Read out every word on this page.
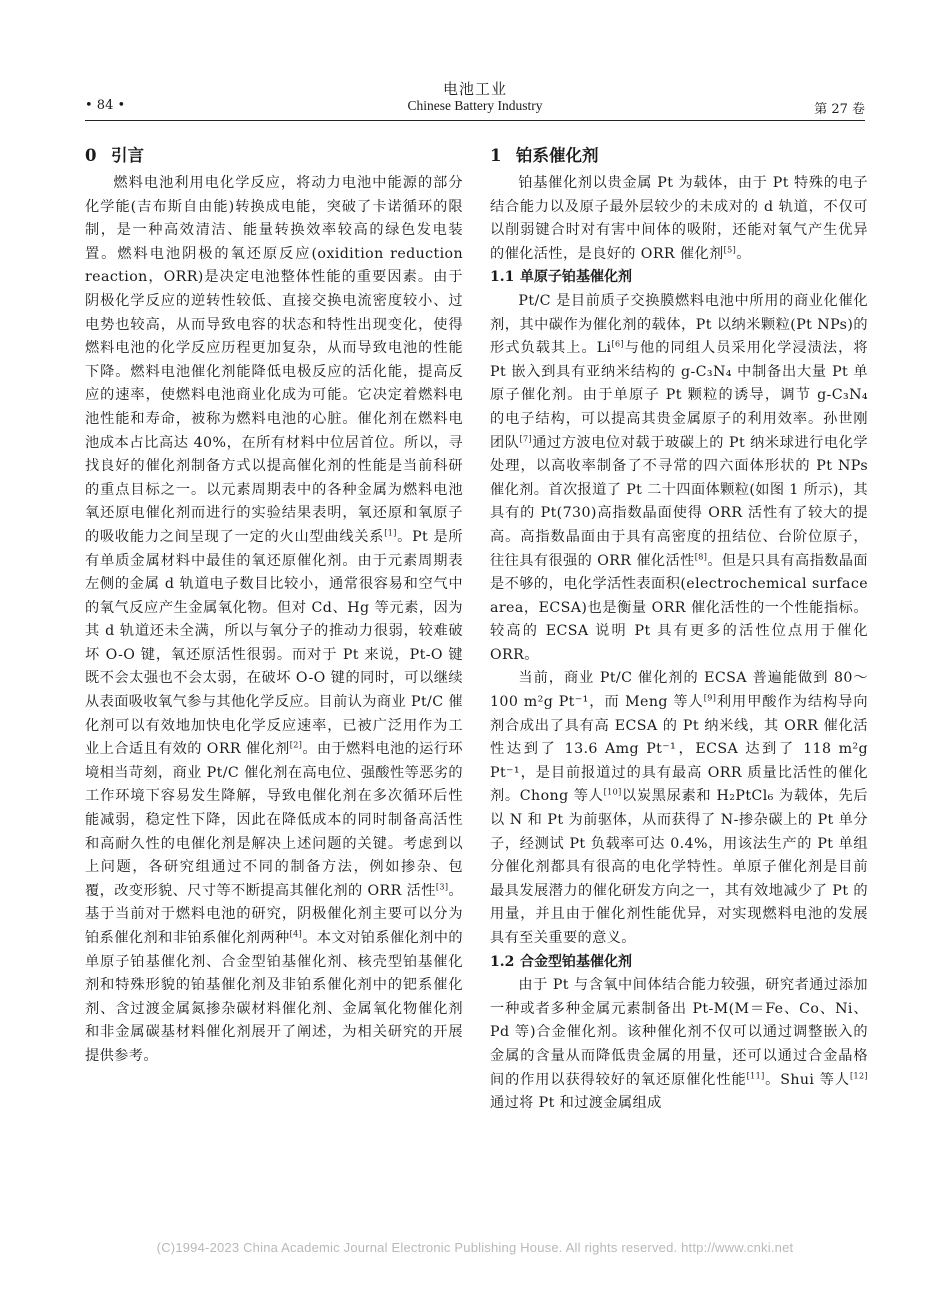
电池工业
• 84 •	Chinese Battery Industry	第 27 卷
0 引言

燃料电池利用电化学反应，将动力电池中能源的部分化学能(吉布斯自由能)转换成电能，突破了卡诺循环的限制，是一种高效清洁、能量转换效率较高的绿色发电装置。燃料电池阴极的氧还原反应(oxidition reduction reaction，ORR)是决定电池整体性能的重要因素。由于阴极化学反应的逆转性较低、直接交换电流密度较小、过电势也较高，从而导致电容的状态和特性出现变化，使得燃料电池的化学反应历程更加复杂，从而导致电池的性能下降。燃料电池催化剂能降低电极反应的活化能，提高反应的速率，使燃料电池商业化成为可能。它决定着燃料电池性能和寿命，被称为燃料电池的心脏。催化剂在燃料电池成本占比高达 40%，在所有材料中位居首位。所以，寻找良好的催化剂制备方式以提高催化剂的性能是当前科研的重点目标之一。以元素周期表中的各种金属为燃料电池氧还原电催化剂而进行的实验结果表明，氧还原和氧原子的吸收能力之间呈现了一定的火山型曲线关系[1]。Pt 是所有单质金属材料中最佳的氧还原催化剂。由于元素周期表左侧的金属 d 轨道电子数目比较小，通常很容易和空气中的氧气反应产生金属氧化物。但对 Cd、Hg 等元素，因为其 d 轨道还未全满，所以与氧分子的推动力很弱，较难破坏 O-O 键，氧还原活性很弱。而对于 Pt 来说，Pt-O 键既不会太强也不会太弱，在破坏 O-O 键的同时，可以继续从表面吸收氧气参与其他化学反应。目前认为商业 Pt/C 催化剂可以有效地加快电化学反应速率，已被广泛用作为工业上合适且有效的 ORR 催化剂[2]。由于燃料电池的运行环境相当苛刻，商业 Pt/C 催化剂在高电位、强酸性等恶劣的工作环境下容易发生降解，导致电催化剂在多次循环后性能减弱，稳定性下降，因此在降低成本的同时制备高活性和高耐久性的电催化剂是解决上述问题的关键。考虑到以上问题，各研究组通过不同的制备方法，例如掺杂、包覆，改变形貌、尺寸等不断提高其催化剂的 ORR 活性[3]。基于当前对于燃料电池的研究，阴极催化剂主要可以分为铂系催化剂和非铂系催化剂两种[4]。本文对铂系催化剂中的单原子铂基催化剂、合金型铂基催化剂、核壳型铂基催化剂和特殊形貌的铂基催化剂及非铂系催化剂中的钯系催化剂、含过渡金属氮掺杂碳材料催化剂、金属氧化物催化剂和非金属碳基材料催化剂展开了阐述，为相关研究的开展提供参考。

1 铂系催化剂

铂基催化剂以贵金属 Pt 为载体，由于 Pt 特殊的电子结合能力以及原子最外层较少的未成对的 d 轨道，不仅可以削弱键合时对有害中间体的吸附，还能对氧气产生优异的催化活性，是良好的 ORR 催化剂[5]。

1.1 单原子铂基催化剂

Pt/C 是目前质子交换膜燃料电池中所用的商业化催化剂，其中碳作为催化剂的载体，Pt 以纳米颗粒(Pt NPs)的形式负载其上。Li[6]与他的同组人员采用化学浸渍法，将 Pt 嵌入到具有亚纳米结构的 g-C₃N₄ 中制备出大量 Pt 单原子催化剂。由于单原子 Pt 颗粒的诱导，调节 g-C₃N₄ 的电子结构，可以提高其贵金属原子的利用效率。孙世刚团队[7]通过方波电位对载于玻碳上的 Pt 纳米球进行电化学处理，以高收率制备了不寻常的四六面体形状的 Pt NPs 催化剂。首次报道了 Pt 二十四面体颗粒(如图 1 所示)，其具有的 Pt(730)高指数晶面使得 ORR 活性有了较大的提高。高指数晶面由于具有高密度的扭结位、台阶位原子，往往具有很强的 ORR 催化活性[8]。但是只具有高指数晶面是不够的，电化学活性表面积(electrochemical surface area，ECSA)也是衡量 ORR 催化活性的一个性能指标。较高的 ECSA 说明 Pt 具有更多的活性位点用于催化 ORR。

当前，商业 Pt/C 催化剂的 ECSA 普遍能做到 80～100 m²g Pt⁻¹，而 Meng 等人[9]利用甲酸作为结构导向剂合成出了具有高 ECSA 的 Pt 纳米线，其 ORR 催化活性达到了 13.6 Amg Pt⁻¹，ECSA 达到了 118 m²g Pt⁻¹，是目前报道过的具有最高 ORR 质量比活性的催化剂。Chong 等人[10]以炭黑尿素和 H₂PtCl₆ 为载体，先后以 N 和 Pt 为前驱体，从而获得了 N-掺杂碳上的 Pt 单分子，经测试 Pt 负载率可达 0.4%，用该法生产的 Pt 单组分催化剂都具有很高的电化学特性。单原子催化剂是目前最具发展潜力的催化研发方向之一，其有效地减少了 Pt 的用量，并且由于催化剂性能优异，对实现燃料电池的发展具有至关重要的意义。

1.2 合金型铂基催化剂

由于 Pt 与含氧中间体结合能力较强，研究者通过添加一种或者多种金属元素制备出 Pt-M(M＝Fe、Co、Ni、Pd 等)合金催化剂。该种催化剂不仅可以通过调整嵌入的金属的含量从而降低贵金属的用量，还可以通过合金晶格间的作用以获得较好的氧还原催化性能[11]。Shui 等人[12]通过将 Pt 和过渡金属组成

(C)1994-2023 China Academic Journal Electronic Publishing House. All rights reserved. http://www.cnki.net
